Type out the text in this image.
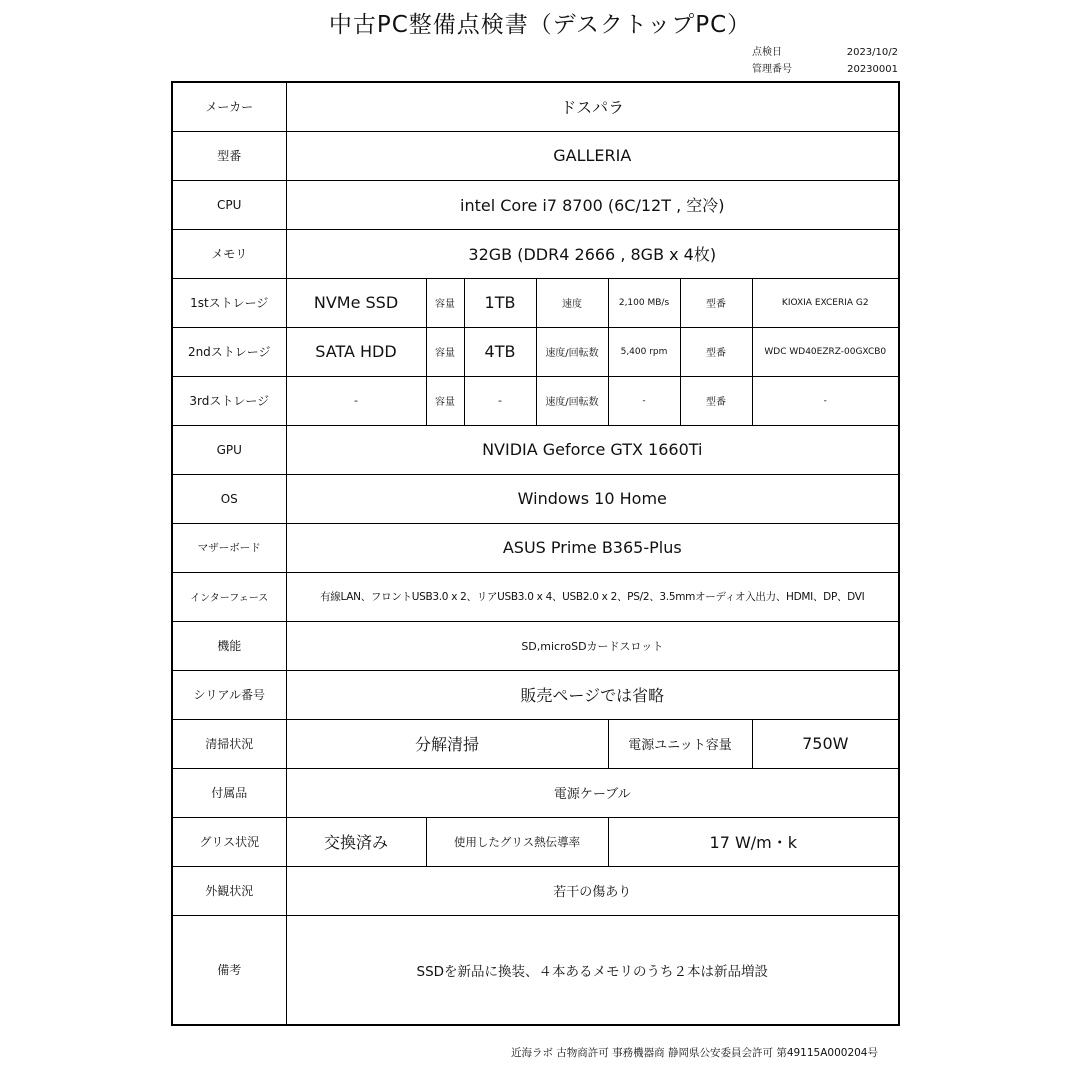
中古PC整備点検書（デスクトップPC）
点検日	2023/10/2
管理番号	20230001
メーカー	ドスパラ						
型番	GALLERIA						
CPU	intel Core i7 8700 (6C/12T , 空冷)						
メモリ	32GB (DDR4 2666 , 8GB x 4枚)						
1stストレージ	NVMe SSD	容量	1TB	速度	2,100 MB/s	型番	KIOXIA EXCERIA G2
2ndストレージ	SATA HDD	容量	4TB	速度/回転数	5,400 rpm	型番	WDC WD40EZRZ-00GXCB0
3rdストレージ	-	容量	-	速度/回転数	-	型番	-
GPU	NVIDIA Geforce GTX 1660Ti						
OS	Windows 10 Home						
マザーボード	ASUS Prime B365-Plus						
インターフェース	有線LAN、フロントUSB3.0 x 2、リアUSB3.0 x 4、USB2.0 x 2、PS/2、3.5mmオーディオ入出力、HDMI、DP、DVI						
機能	SD,microSDカードスロット						
シリアル番号	販売ページでは省略						
清掃状況	分解清掃				電源ユニット容量		750W
付属品	電源ケーブル						
グリス状況	交換済み	使用したグリス熱伝導率			17 W/m・k		
外観状況	若干の傷あり						
備考	SSDを新品に換装、４本あるメモリのうち２本は新品増設						
近海ラボ 古物商許可 事務機器商 静岡県公安委員会許可 第49115A000204号
